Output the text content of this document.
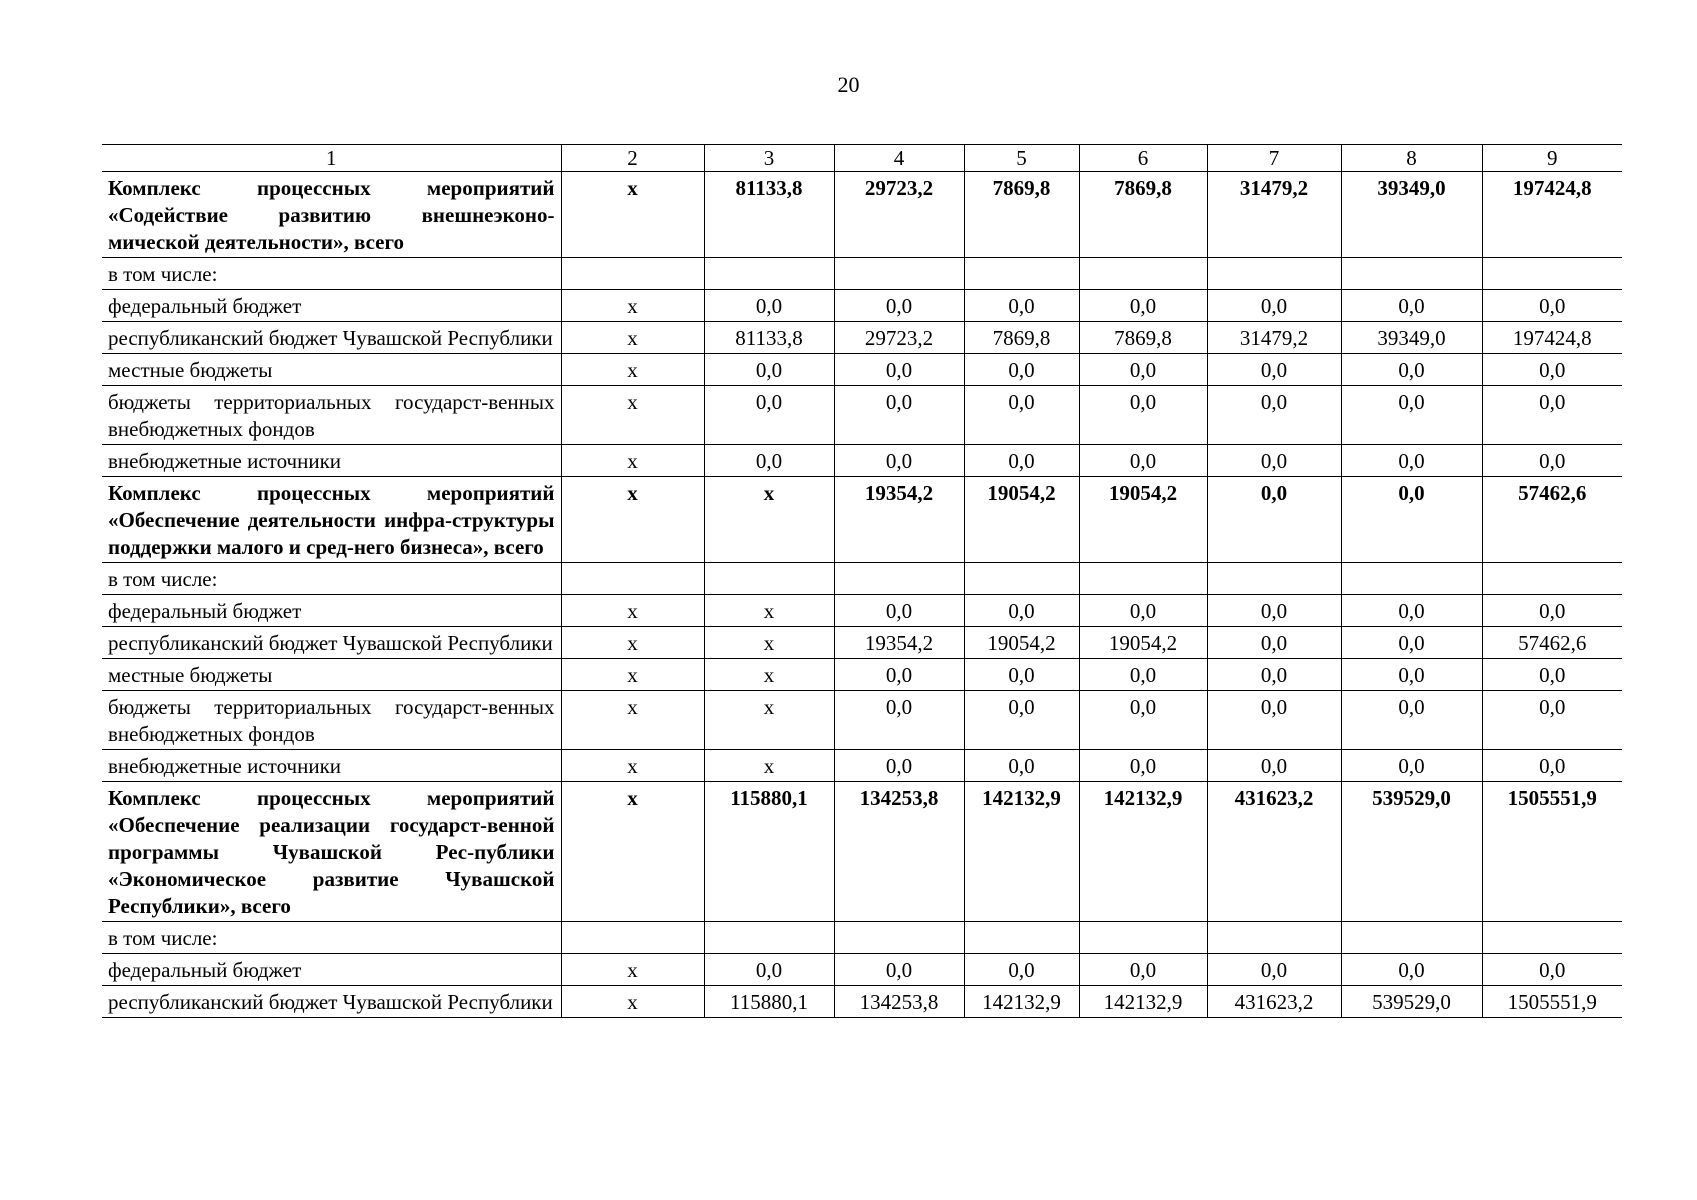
20
1	2	3	4	5	6	7	8	9
Комплекс процессных мероприятий «Содействие развитию внешнеэконо-мической деятельности», всего	x	81133,8	29723,2	7869,8	7869,8	31479,2	39349,0	197424,8
в том числе:								
федеральный бюджет	x	0,0	0,0	0,0	0,0	0,0	0,0	0,0
республиканский бюджет Чувашской Республики	x	81133,8	29723,2	7869,8	7869,8	31479,2	39349,0	197424,8
местные бюджеты	x	0,0	0,0	0,0	0,0	0,0	0,0	0,0
бюджеты территориальных государст-венных внебюджетных фондов	x	0,0	0,0	0,0	0,0	0,0	0,0	0,0
внебюджетные источники	x	0,0	0,0	0,0	0,0	0,0	0,0	0,0
Комплекс процессных мероприятий «Обеспечение деятельности инфра-структуры поддержки малого и сред-него бизнеса», всего	x	x	19354,2	19054,2	19054,2	0,0	0,0	57462,6
в том числе:								
федеральный бюджет	x	x	0,0	0,0	0,0	0,0	0,0	0,0
республиканский бюджет Чувашской Республики	x	x	19354,2	19054,2	19054,2	0,0	0,0	57462,6
местные бюджеты	x	x	0,0	0,0	0,0	0,0	0,0	0,0
бюджеты территориальных государст-венных внебюджетных фондов	x	x	0,0	0,0	0,0	0,0	0,0	0,0
внебюджетные источники	x	x	0,0	0,0	0,0	0,0	0,0	0,0
Комплекс процессных мероприятий «Обеспечение реализации государст-венной программы Чувашской Рес-публики «Экономическое развитие Чувашской Республики», всего	x	115880,1	134253,8	142132,9	142132,9	431623,2	539529,0	1505551,9
в том числе:								
федеральный бюджет	x	0,0	0,0	0,0	0,0	0,0	0,0	0,0
республиканский бюджет Чувашской Республики	x	115880,1	134253,8	142132,9	142132,9	431623,2	539529,0	1505551,9
